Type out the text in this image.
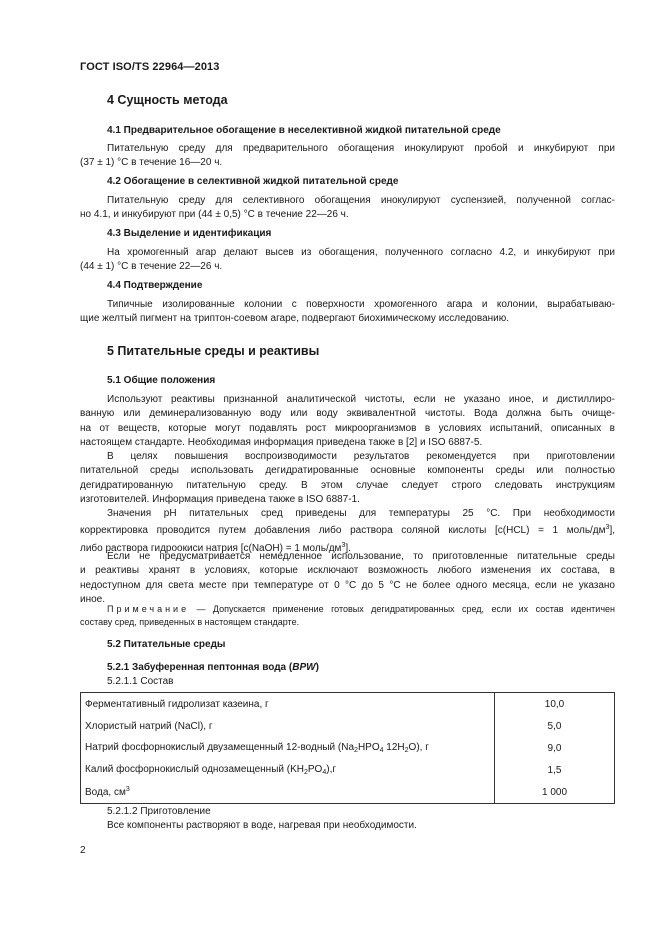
ГОСТ ISO/TS 22964—2013
4 Сущность метода
4.1 Предварительное обогащение в неселективной жидкой питательной среде
Питательную среду для предварительного обогащения инокулируют пробой и инкубируют при
(37 ± 1) °С в течение 16—20 ч.
4.2 Обогащение в селективной жидкой питательной среде
Питательную среду для селективного обогащения инокулируют суспензией, полученной соглас-
но 4.1, и инкубируют при (44 ± 0,5) °С в течение 22—26 ч.
4.3 Выделение и идентификация
На хромогенный агар делают высев из обогащения, полученного согласно 4.2, и инкубируют при
(44 ± 1) °С в течение 22—26 ч.
4.4 Подтверждение
Типичные изолированные колонии с поверхности хромогенного агара и колонии, вырабатываю-
щие желтый пигмент на триптон-соевом агаре, подвергают биохимическому исследованию.
5 Питательные среды и реактивы
5.1 Общие положения
Используют реактивы признанной аналитической чистоты, если не указано иное, и дистиллиро-
ванную или деминерализованную воду или воду эквивалентной чистоты. Вода должна быть очище-
на от веществ, которые могут подавлять рост микроорганизмов в условиях испытаний, описанных в
настоящем стандарте. Необходимая информация приведена также в [2] и ISO 6887-5.
В целях повышения воспроизводимости результатов рекомендуется при приготовлении
питательной среды использовать дегидратированные основные компоненты среды или полностью
дегидратированную питательную среду. В этом случае следует строго следовать инструкциям
изготовителей. Информация приведена также в ISO 6887-1.
Значения pH питательных сред приведены для температуры 25 °С. При необходимости
корректировка проводится путем добавления либо раствора соляной кислоты [c(HCL) = 1 моль/$дм^3$],
либо раствора гидроокиси натрия [c(NaOH) = 1 моль/$дм^3$].
Если не предусматривается немедленное использование, то приготовленные питательные среды
и реактивы хранят в условиях, которые исключают возможность любого изменения их состава, в
недоступном для света месте при температуре от 0 °С до 5 °С не более одного месяца, если не указано
иное.
Примечание — Допускается применение готовых дегидратированных сред, если их состав идентичен
составу сред, приведенных в настоящем стандарте.
5.2 Питательные среды
5.2.1 Забуференная пептонная вода (BPW)
5.2.1.1 Состав
Ферментативный гидролизат казеина, г	10,0
Хлористый натрий (NaCl), г	5,0
Натрий фосфорнокислый двузамещенный 12-водный ($Na_2HPO_4$ $12H_2O$), г	9,0
Калий фосфорнокислый однозамещенный $(KH_2PO_4),г$	1,5
Вода, $см^3$	1 000
5.2.1.2 Приготовление
Все компоненты растворяют в воде, нагревая при необходимости.
2
